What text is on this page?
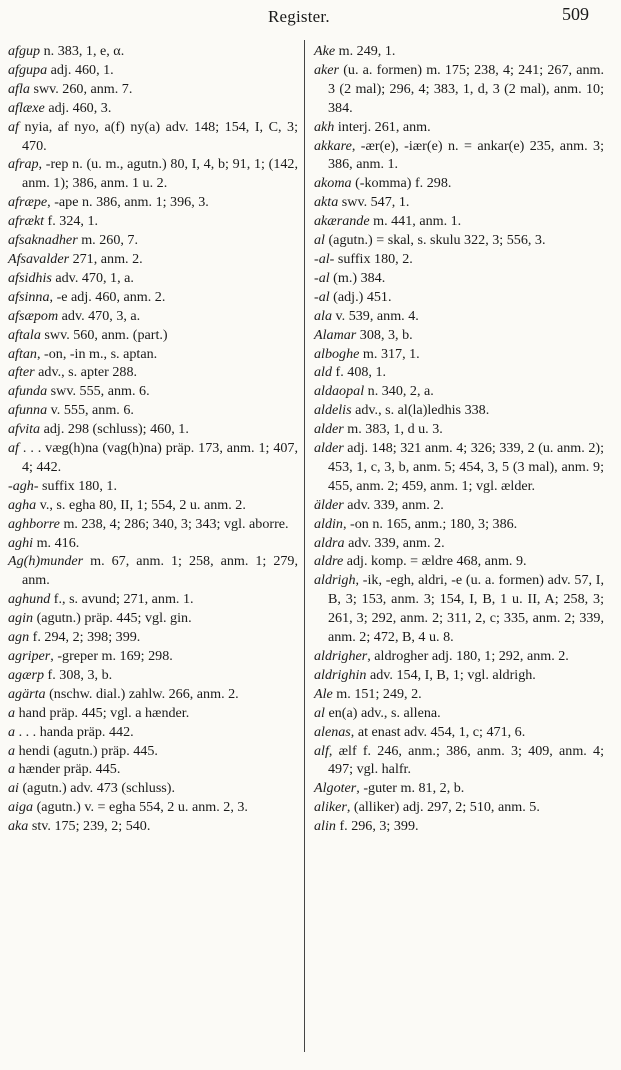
Register.	509

afgup n. 383, 1, e, α.

afgupa adj. 460, 1.

afla swv. 260, anm. 7.

aflæxe adj. 460, 3.

af nyia, af nyo, a(f) ny(a) adv. 148; 154, I, C, 3; 470.

afrap, -rep n. (u. m., agutn.) 80, I, 4, b; 91, 1; (142, anm. 1); 386, anm. 1 u. 2.

afræpe, -ape n. 386, anm. 1; 396, 3.

afrækt f. 324, 1.

afsaknadher m. 260, 7.

Afsavalder 271, anm. 2.

afsidhis adv. 470, 1, a.

afsinna, -e adj. 460, anm. 2.

afsæpom adv. 470, 3, a.

aftala swv. 560, anm. (part.)

aftan, -on, -in m., s. aptan.

after adv., s. apter 288.

afunda swv. 555, anm. 6.

afunna v. 555, anm. 6.

afvita adj. 298 (schluss); 460, 1.

af . . . væg(h)na (vag(h)na) präp. 173, anm. 1; 407, 4; 442.

-agh- suffix 180, 1.

agha v., s. egha 80, II, 1; 554, 2 u. anm. 2.

aghborre m. 238, 4; 286; 340, 3; 343; vgl. aborre.

aghi m. 416.

Ag(h)munder m. 67, anm. 1; 258, anm. 1; 279, anm.

aghund f., s. avund; 271, anm. 1.

agin (agutn.) präp. 445; vgl. gin.

agn f. 294, 2; 398; 399.

agriper, -greper m. 169; 298.

agærp f. 308, 3, b.

agärta (nschw. dial.) zahlw. 266, anm. 2.

a hand präp. 445; vgl. a hænder.

a . . . handa präp. 442.

a hendi (agutn.) präp. 445.

a hænder präp. 445.

ai (agutn.) adv. 473 (schluss).

aiga (agutn.) v. = egha 554, 2 u. anm. 2, 3.

aka stv. 175; 239, 2; 540.

Ake m. 249, 1.

aker (u. a. formen) m. 175; 238, 4; 241; 267, anm. 3 (2 mal); 296, 4; 383, 1, d, 3 (2 mal), anm. 10; 384.

akh interj. 261, anm.

akkare, -ær(e), -iær(e) n. = ankar(e) 235, anm. 3; 386, anm. 1.

akoma (-komma) f. 298.

akta swv. 547, 1.

akærande m. 441, anm. 1.

al (agutn.) = skal, s. skulu 322, 3; 556, 3.

-al- suffix 180, 2.

-al (m.) 384.

-al (adj.) 451.

ala v. 539, anm. 4.

Alamar 308, 3, b.

alboghe m. 317, 1.

ald f. 408, 1.

aldaopal n. 340, 2, a.

aldelis adv., s. al(la)ledhis 338.

alder m. 383, 1, d u. 3.

alder adj. 148; 321 anm. 4; 326; 339, 2 (u. anm. 2); 453, 1, c, 3, b, anm. 5; 454, 3, 5 (3 mal), anm. 9; 455, anm. 2; 459, anm. 1; vgl. ælder.

älder adv. 339, anm. 2.

aldin, -on n. 165, anm.; 180, 3; 386.

aldra adv. 339, anm. 2.

aldre adj. komp. = ældre 468, anm. 9.

aldrigh, -ik, -egh, aldri, -e (u. a. formen) adv. 57, I, B, 3; 153, anm. 3; 154, I, B, 1 u. II, A; 258, 3; 261, 3; 292, anm. 2; 311, 2, c; 335, anm. 2; 339, anm. 2; 472, B, 4 u. 8.

aldrigher, aldrogher adj. 180, 1; 292, anm. 2.

aldrighin adv. 154, I, B, 1; vgl. aldrigh.

Ale m. 151; 249, 2.

al en(a) adv., s. allena.

alenas, at enast adv. 454, 1, c; 471, 6.

alf, ælf f. 246, anm.; 386, anm. 3; 409, anm. 4; 497; vgl. halfr.

Algoter, -guter m. 81, 2, b.

aliker, (alliker) adj. 297, 2; 510, anm. 5.

alin f. 296, 3; 399.
